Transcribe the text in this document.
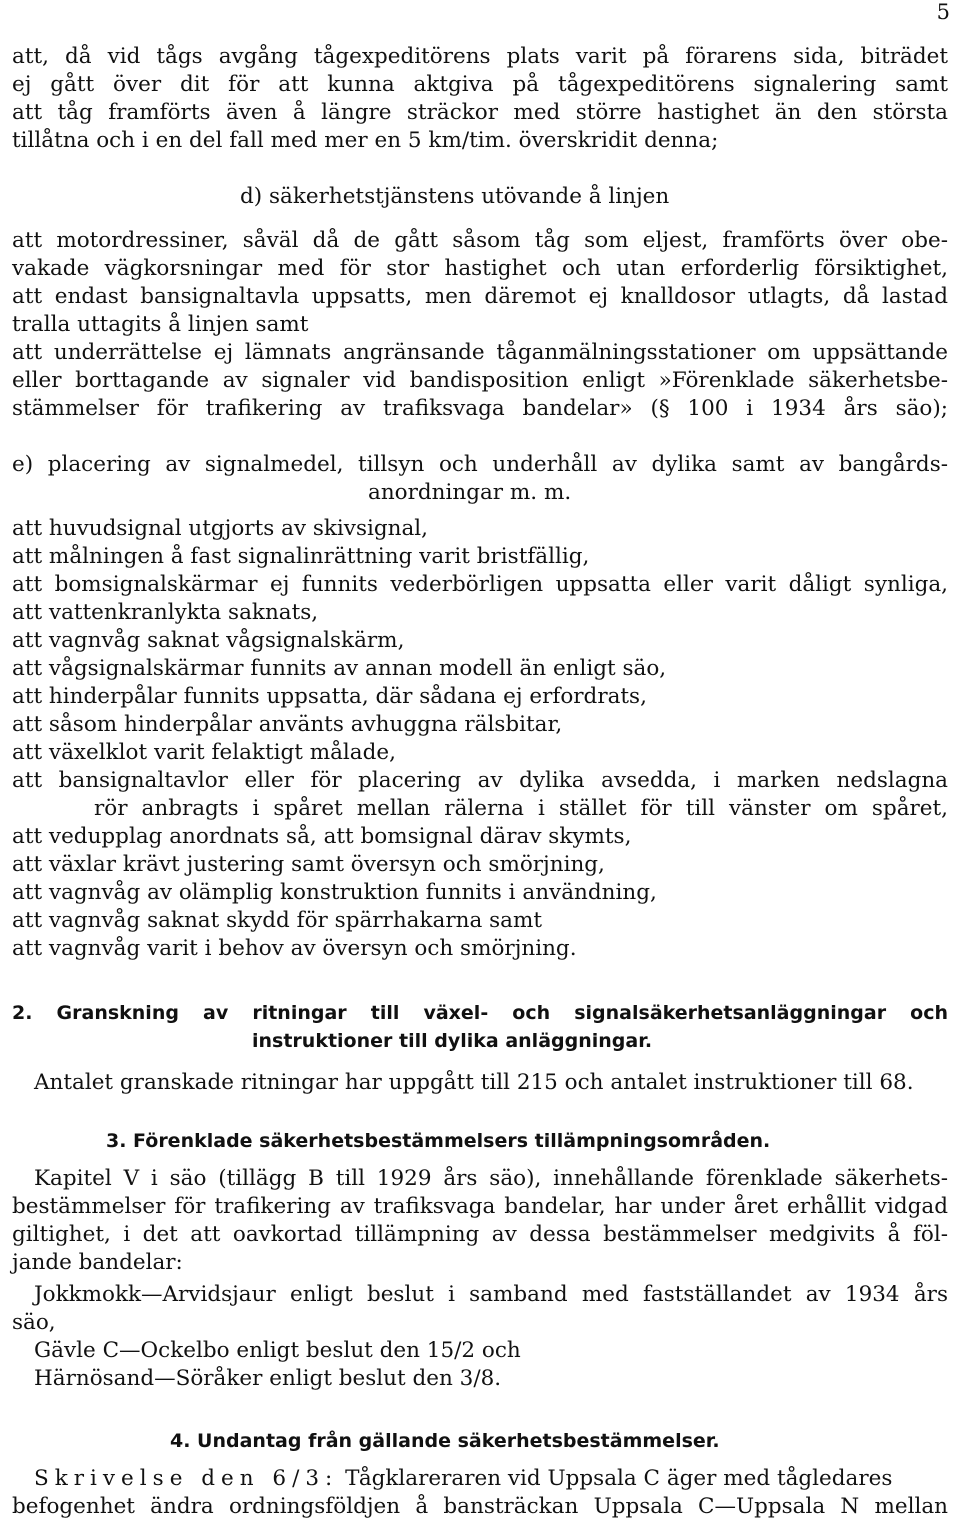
5
att, då vid tågs avgång tågexpeditörens plats varit på förarens sida, biträdet
ej gått över dit för att kunna aktgiva på tågexpeditörens signalering samt
att tåg framförts även å längre sträckor med större hastighet än den största
tillåtna och i en del fall med mer en 5 km/tim. överskridit denna;
d) säkerhetstjänstens utövande å linjen
att motordressiner, såväl då de gått såsom tåg som eljest, framförts över obe-
vakade vägkorsningar med för stor hastighet och utan erforderlig försiktighet,
att endast bansignaltavla uppsatts, men däremot ej knalldosor utlagts, då lastad
tralla uttagits å linjen samt
att underrättelse ej lämnats angränsande tåganmälningsstationer om uppsättande
eller borttagande av signaler vid bandisposition enligt »Förenklade säkerhetsbe-
stämmelser för trafikering av trafiksvaga bandelar» (§ 100 i 1934 års säo);
e) placering av signalmedel, tillsyn och underhåll av dylika samt av bangårds-
anordningar m. m.
att huvudsignal utgjorts av skivsignal,
att målningen å fast signalinrättning varit bristfällig,
att bomsignalskärmar ej funnits vederbörligen uppsatta eller varit dåligt synliga,
att vattenkranlykta saknats,
att vagnvåg saknat vågsignalskärm,
att vågsignalskärmar funnits av annan modell än enligt säo,
att hinderpålar funnits uppsatta, där sådana ej erfordrats,
att såsom hinderpålar använts avhuggna rälsbitar,
att växelklot varit felaktigt målade,
att bansignaltavlor eller för placering av dylika avsedda, i marken nedslagna
rör anbragts i spåret mellan rälerna i stället för till vänster om spåret,
att vedupplag anordnats så, att bomsignal därav skymts,
att växlar krävt justering samt översyn och smörjning,
att vagnvåg av olämplig konstruktion funnits i användning,
att vagnvåg saknat skydd för spärrhakarna samt
att vagnvåg varit i behov av översyn och smörjning.
2. Granskning av ritningar till växel- och signalsäkerhetsanläggningar och
instruktioner till dylika anläggningar.
Antalet granskade ritningar har uppgått till 215 och antalet instruktioner till 68.
3. Förenklade säkerhetsbestämmelsers tillämpningsområden.
Kapitel V i säo (tillägg B till 1929 års säo), innehållande förenklade säkerhets-
bestämmelser för trafikering av trafiksvaga bandelar, har under året erhållit vidgad
giltighet, i det att oavkortad tillämpning av dessa bestämmelser medgivits å föl-
jande bandelar:
Jokkmokk—Arvidsjaur enligt beslut i samband med fastställandet av 1934 års
säo,
Gävle C—Ockelbo enligt beslut den 15/2 och
Härnösand—Söråker enligt beslut den 3/8.
4. Undantag från gällande säkerhetsbestämmelser.
Skrivelse den 6/3: Tågklareraren vid Uppsala C äger med tågledares
befogenhet ändra ordningsföldjen å bansträckan Uppsala C—Uppsala N mellan
